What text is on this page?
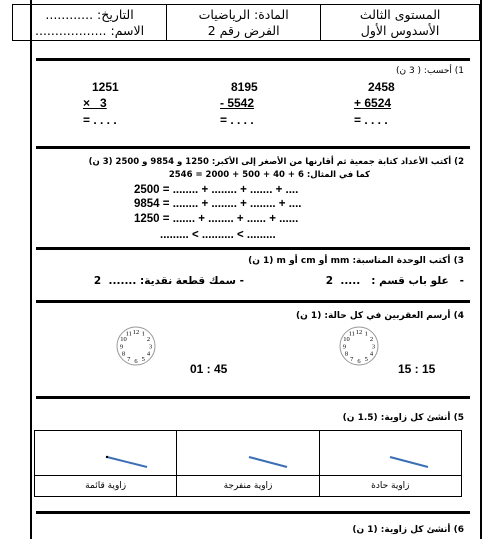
التاريخ: ............
الاسم: ..................

المادة: الرياضيات
الفرض رقم 2

المستوى الثالث
الأسدوس الأول
1) أحسب: ( 3 ن)
2458
+ 6524
= . . . .
8195
- 5542
= . . . .
1251
×   3
= . . . .
2) أكتب الأعداد كتابة جمعية ثم أقارنها من الأصغر إلى الأكبر: 1250 و 9854 و 2500 (3 ن)
كما في المثال: 6 + 40 + 500 + 2000 = 2546
2500 = ........ + ........ + ....... + ....
9854 = ........ + ........ + ........ + ....
1250 = ....... + ........ + ...... + ......
......... < .......... < .........
3) أكتب الوحدة المناسبة: mm أو cm أو m (1 ن)
-   علو باب قسم :   .....  2
- سمك قطعة نقدية: .......  2
4) أرسم العقربين في كل حالة: (1 ن)
12 1
2
3
4
5
6
7
8
9
10
11
15 : 15
12 1
2
3
4
5
6
7
8
9
10
11
01 : 45
5) أنشئ كل زاوية: (1.5 ن)

زاوية قائمة	زاوية منفرجة	زاوية حادة
6) أنشئ كل زاوية: (1 ن)
